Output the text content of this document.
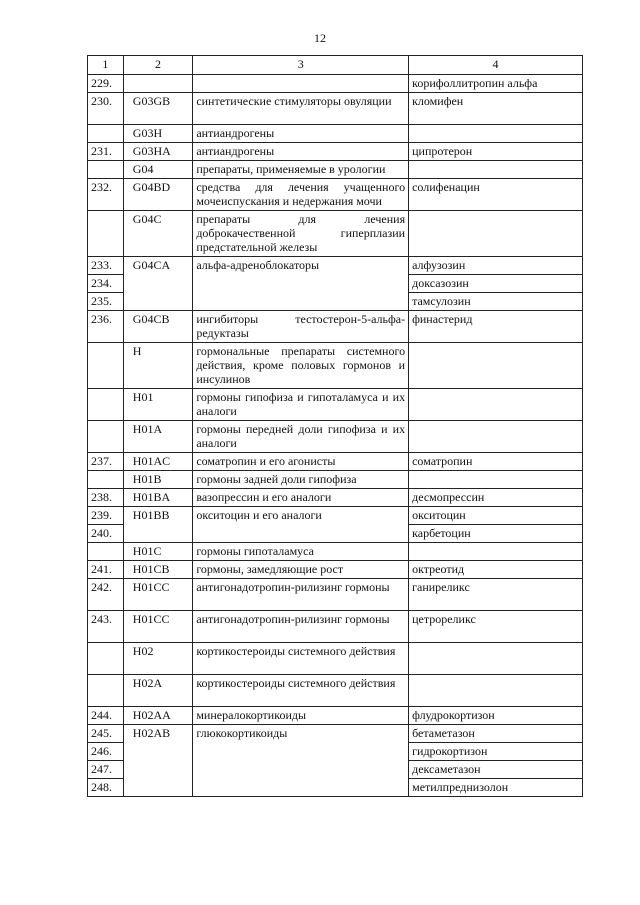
12
1	2	3	4
229.			корифоллитропин альфа
230.	G03GB	синтетические стимуляторы овуляции	кломифен
	G03H	антиандрогены	
231.	G03HA	антиандрогены	ципротерон
	G04	препараты, применяемые в урологии	
232.	G04BD	средства для лечения учащенного мочеиспускания и недержания мочи	солифенацин
	G04C	препараты для лечения доброкачественной гиперплазии предстательной железы	
233.	G04CA	альфа-адреноблокаторы	алфузозин
234.			доксазозин
235.			тамсулозин
236.	G04CB	ингибиторы тестостерон-5-альфа-редуктазы	финастерид
	H	гормональные препараты системного действия, кроме половых гормонов и инсулинов	
	H01	гормоны гипофиза и гипоталамуса и их аналоги	
	H01A	гормоны передней доли гипофиза и их аналоги	
237.	H01AC	соматропин и его агонисты	соматропин
	H01B	гормоны задней доли гипофиза	
238.	H01BA	вазопрессин и его аналоги	десмопрессин
239.	H01BB	окситоцин и его аналоги	окситоцин
240.			карбетоцин
	H01C	гормоны гипоталамуса	
241.	H01CB	гормоны, замедляющие рост	октреотид
242.	H01CC	антигонадотропин-рилизинг гормоны	ганиреликс
243.	H01CC	антигонадотропин-рилизинг гормоны	цетрореликс
	H02	кортикостероиды системного действия	
	H02A	кортикостероиды системного действия	
244.	H02AA	минералокортикоиды	флудрокортизон
245.	H02AB	глюкокортикоиды	бетаметазон
246.			гидрокортизон
247.			дексаметазон
248.			метилпреднизолон
